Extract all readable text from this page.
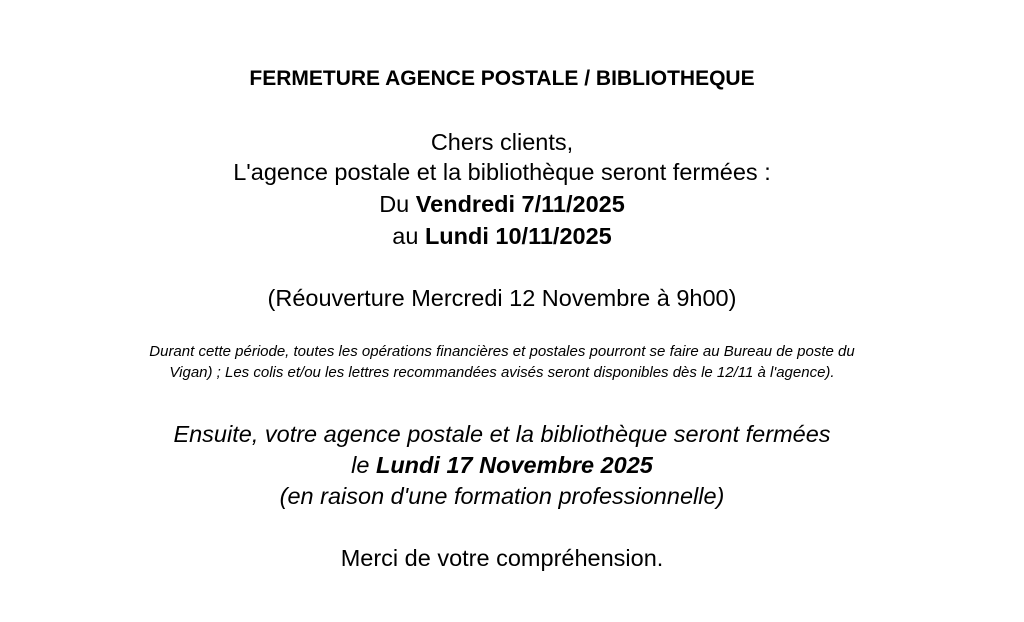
FERMETURE AGENCE POSTALE / BIBLIOTHEQUE
Chers clients,
L'agence postale et la bibliothèque seront fermées :
Du Vendredi 7/11/2025
au Lundi 10/11/2025
(Réouverture Mercredi 12 Novembre à 9h00)
Durant cette période, toutes les opérations financières et postales pourront se faire au Bureau de poste du
Vigan) ; Les colis et/ou les lettres recommandées avisés seront disponibles dès le 12/11 à l'agence).
Ensuite, votre agence postale et la bibliothèque seront fermées
le Lundi 17 Novembre 2025
(en raison d'une formation professionnelle)
Merci de votre compréhension.
